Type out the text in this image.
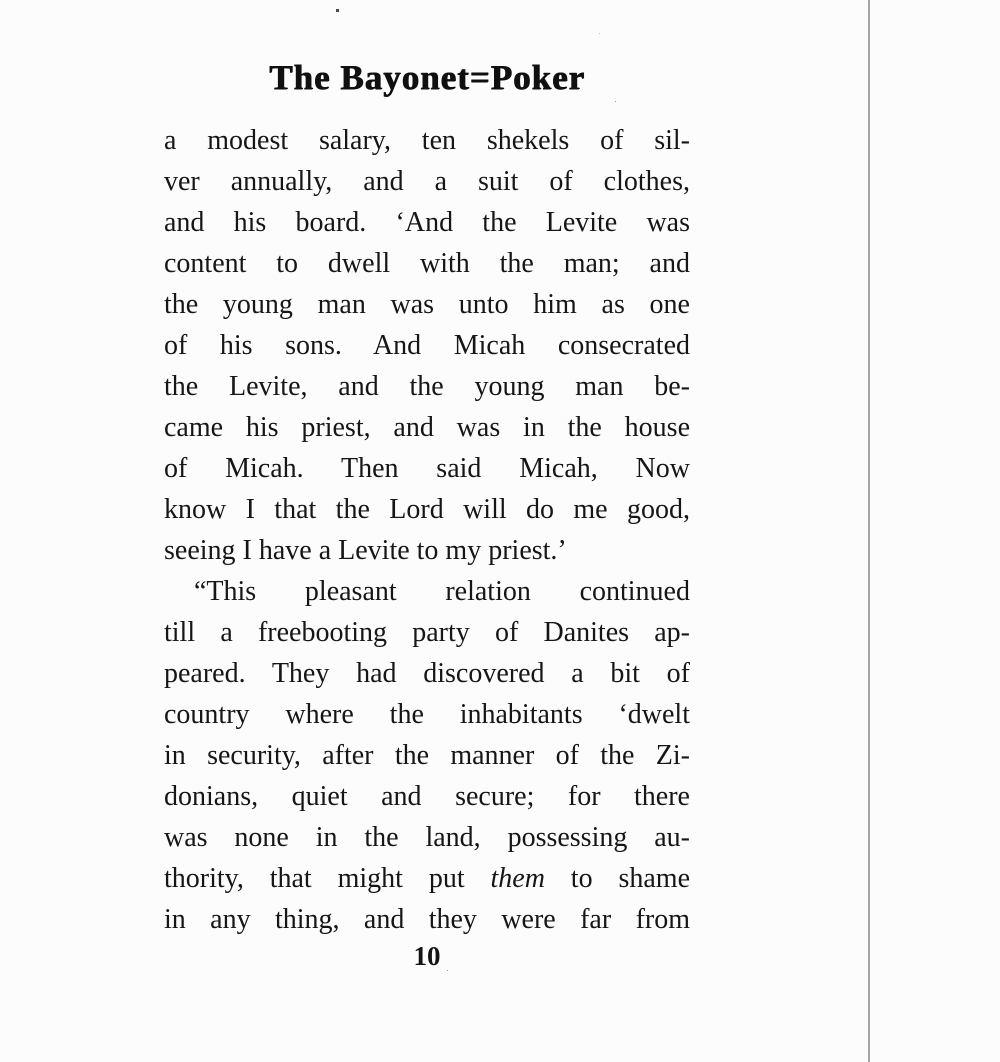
The Bayonet=Poker
a modest salary, ten shekels of sil-
ver annually, and a suit of clothes,
and his board. ‘And the Levite was
content to dwell with the man; and
the young man was unto him as one
of his sons. And Micah consecrated
the Levite, and the young man be-
came his priest, and was in the house
of Micah. Then said Micah, Now
know I that the Lord will do me good,
seeing I have a Levite to my priest.’
“This pleasant relation continued
till a freebooting party of Danites ap-
peared. They had discovered a bit of
country where the inhabitants ‘dwelt
in security, after the manner of the Zi-
donians, quiet and secure; for there
was none in the land, possessing au-
thority, that might put them to shame
in any thing, and they were far from
10
